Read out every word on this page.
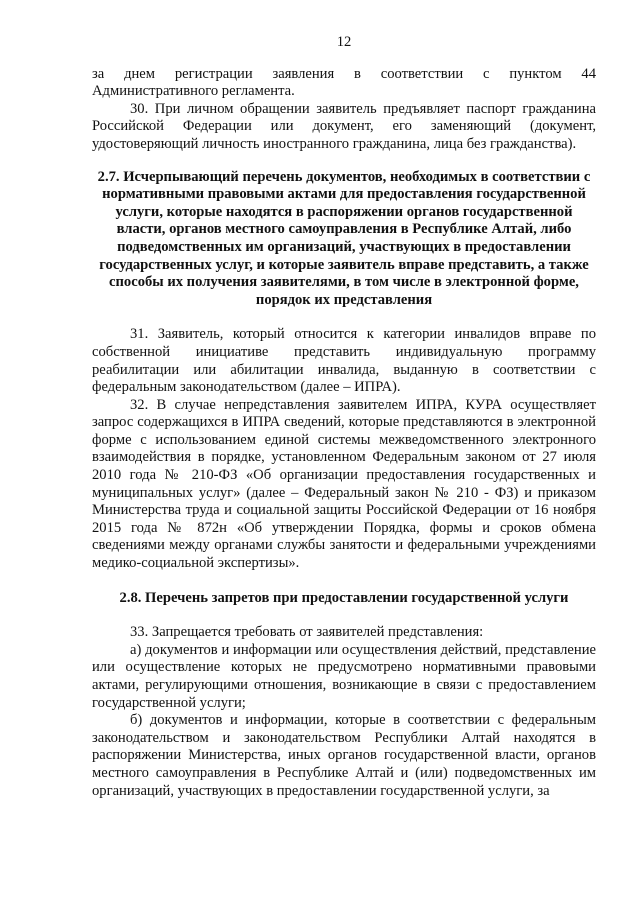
12

за днем регистрации заявления в соответствии с пунктом 44 Административного регламента.

30. При личном обращении заявитель предъявляет паспорт гражданина Российской Федерации или документ, его заменяющий (документ, удостоверяющий личность иностранного гражданина, лица без гражданства).

2.7. Исчерпывающий перечень документов, необходимых в соответствии с нормативными правовыми актами для предоставления государственной услуги, которые находятся в распоряжении органов государственной власти, органов местного самоуправления в Республике Алтай, либо подведомственных им организаций, участвующих в предоставлении государственных услуг, и которые заявитель вправе представить, а также способы их получения заявителями, в том числе в электронной форме, порядок их представления

31. Заявитель, который относится к категории инвалидов вправе по собственной инициативе представить индивидуальную программу реабилитации или абилитации инвалида, выданную в соответствии с федеральным законодательством (далее – ИПРА).

32. В случае непредставления заявителем ИПРА, КУРА осуществляет запрос содержащихся в ИПРА сведений, которые представляются в электронной форме с использованием единой системы межведомственного электронного взаимодействия в порядке, установленном Федеральным законом от 27 июля 2010 года № 210-ФЗ «Об организации предоставления государственных и муниципальных услуг» (далее – Федеральный закон № 210 - ФЗ) и приказом Министерства труда и социальной защиты Российской Федерации от 16 ноября 2015 года № 872н «Об утверждении Порядка, формы и сроков обмена сведениями между органами службы занятости и федеральными учреждениями медико-социальной экспертизы».

2.8. Перечень запретов при предоставлении государственной услуги

33. Запрещается требовать от заявителей представления:

а) документов и информации или осуществления действий, представление или осуществление которых не предусмотрено нормативными правовыми актами, регулирующими отношения, возникающие в связи с предоставлением государственной услуги;

б) документов и информации, которые в соответствии с федеральным законодательством и законодательством Республики Алтай находятся в распоряжении Министерства, иных органов государственной власти, органов местного самоуправления в Республике Алтай и (или) подведомственных им организаций, участвующих в предоставлении государственной услуги, за
